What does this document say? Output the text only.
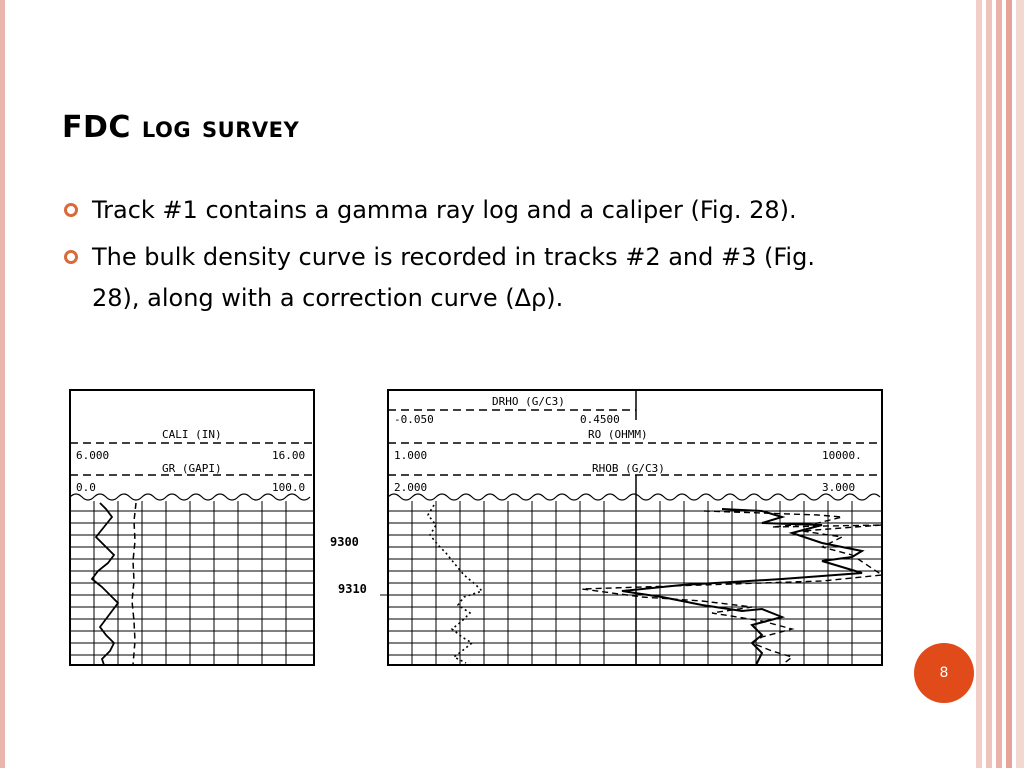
FDC log survey
Track #1 contains a gamma ray log and a caliper (Fig. 28).
The bulk density curve is recorded in tracks #2 and #3 (Fig. 28), along with a correction curve (Δρ).
CALI (IN)
6.000	16.00
GR (GAPI)
0.0	100.0
9300
9310
DRHO (G/C3)
-0.050	0.4500
RO (OHMM)
1.000	10000.
RHOB (G/C3)
2.000	3.000
8
